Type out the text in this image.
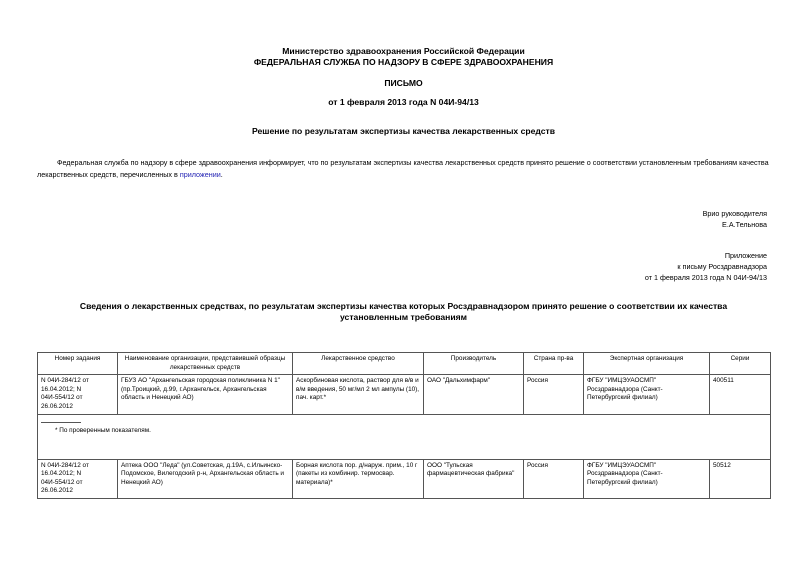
Министерство здравоохранения Российской Федерации
ФЕДЕРАЛЬНАЯ СЛУЖБА ПО НАДЗОРУ В СФЕРЕ ЗДРАВООХРАНЕНИЯ
ПИСЬМО
от 1 февраля 2013 года N 04И-94/13
Решение по результатам экспертизы качества лекарственных средств
Федеральная служба по надзору в сфере здравоохранения информирует, что по результатам экспертизы качества лекарственных средств принято решение о соответствии установленным требованиям качества лекарственных средств, перечисленных в приложении.
Врио руководителя
Е.А.Тельнова
Приложение
к письму Росздравнадзора
от 1 февраля 2013 года N 04И-94/13
Сведения о лекарственных средствах, по результатам экспертизы качества которых Росздравнадзором принято решение о соответствии их качества установленным требованиям
Номер задания	Наименование организации, представившей образцы лекарственных средств	Лекарственное средство	Производитель	Страна пр-ва	Экспертная организация	Серии
N 04И-284/12 от 16.04.2012; N 04И-554/12 от 26.06.2012	ГБУЗ АО "Архангельская городская поликлиника N 1" (пр.Троицкий, д.99, г.Архангельск, Архангельская область и Ненецкий АО)	Аскорбиновая кислота, раствор для в/в и в/м введения, 50 мг/мл 2 мл ампулы (10), пач. карт.*	ОАО "Дальхимфарм"	Россия	ФГБУ "ИМЦЭУАОСМП" Росздравнадзора (Санкт-Петербургский филиал)	400511

* По проверенным показателям.						

N 04И-284/12 от 16.04.2012; N 04И-554/12 от 26.06.2012	Аптека ООО "Леда" (ул.Советская, д.19А, с.Ильинско-Подомское, Вилегодский р-н, Архангельская область и Ненецкий АО)	Борная кислота пор. д/наруж. прим., 10 г (пакеты из комбинир. термосвар. материала)*	ООО "Тульская фармацевтическая фабрика"	Россия	ФГБУ "ИМЦЭУАОСМП" Росздравнадзора (Санкт-Петербургский филиал)	50512
